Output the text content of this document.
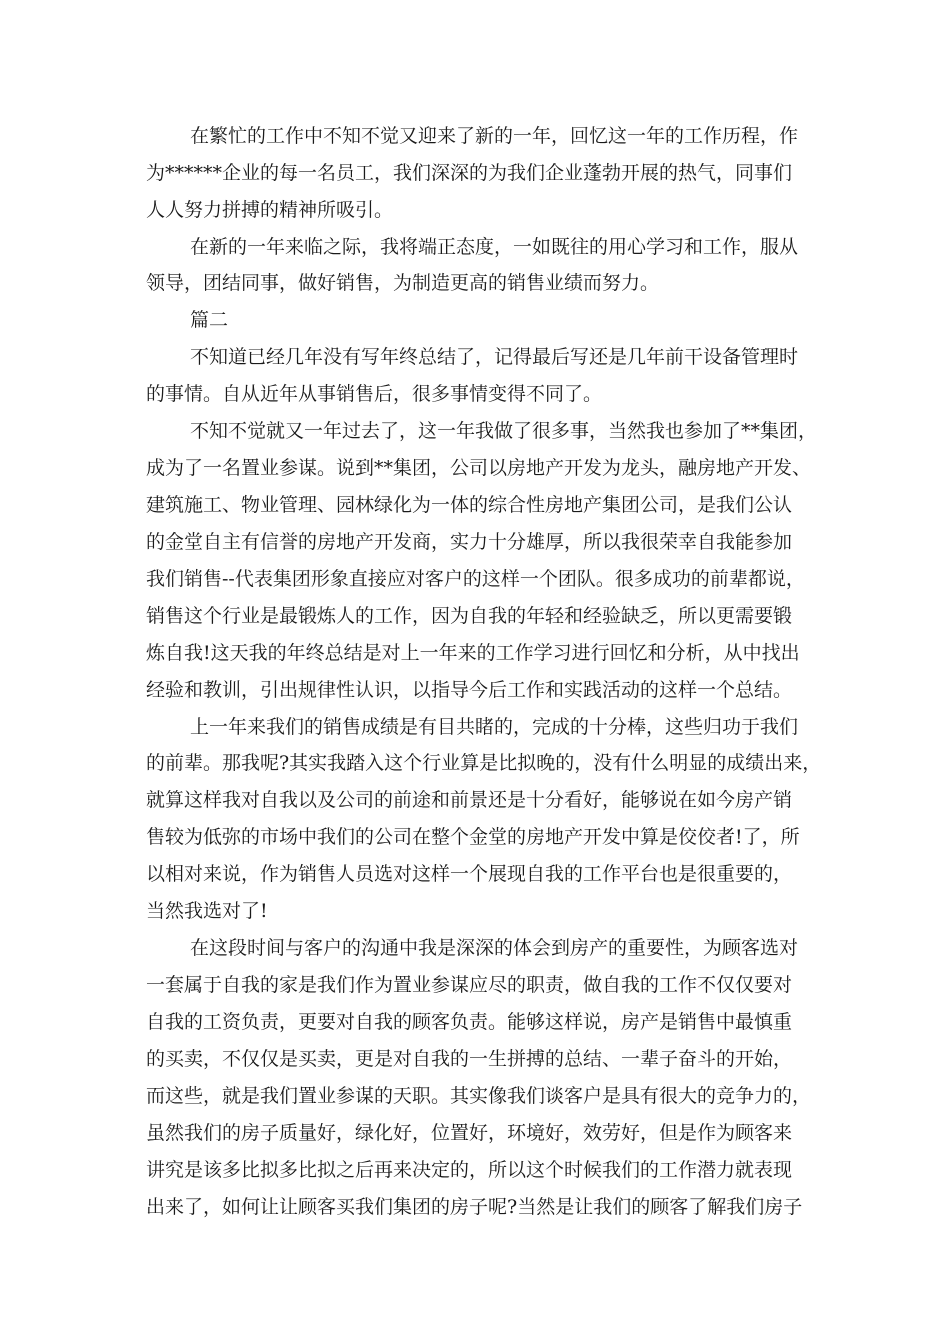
在繁忙的工作中不知不觉又迎来了新的一年，回忆这一年的工作历程，作
为******企业的每一名员工，我们深深的为我们企业蓬勃开展的热气，同事们
人人努力拼搏的精神所吸引。
在新的一年来临之际，我将端正态度，一如既往的用心学习和工作，服从
领导，团结同事，做好销售，为制造更高的销售业绩而努力。
篇二
不知道已经几年没有写年终总结了，记得最后写还是几年前干设备管理时
的事情。自从近年从事销售后，很多事情变得不同了。
不知不觉就又一年过去了，这一年我做了很多事，当然我也参加了**集团，
成为了一名置业参谋。说到**集团，公司以房地产开发为龙头，融房地产开发、
建筑施工、物业管理、园林绿化为一体的综合性房地产集团公司，是我们公认
的金堂自主有信誉的房地产开发商，实力十分雄厚，所以我很荣幸自我能参加
我们销售--代表集团形象直接应对客户的这样一个团队。很多成功的前辈都说，
销售这个行业是最锻炼人的工作，因为自我的年轻和经验缺乏，所以更需要锻
炼自我!这天我的年终总结是对上一年来的工作学习进行回忆和分析，从中找出
经验和教训，引出规律性认识，以指导今后工作和实践活动的这样一个总结。
上一年来我们的销售成绩是有目共睹的，完成的十分棒，这些归功于我们
的前辈。那我呢?其实我踏入这个行业算是比拟晚的，没有什么明显的成绩出来，
就算这样我对自我以及公司的前途和前景还是十分看好，能够说在如今房产销
售较为低弥的市场中我们的公司在整个金堂的房地产开发中算是佼佼者!了，所
以相对来说，作为销售人员选对这样一个展现自我的工作平台也是很重要的，
当然我选对了!
在这段时间与客户的沟通中我是深深的体会到房产的重要性，为顾客选对
一套属于自我的家是我们作为置业参谋应尽的职责，做自我的工作不仅仅要对
自我的工资负责，更要对自我的顾客负责。能够这样说，房产是销售中最慎重
的买卖，不仅仅是买卖，更是对自我的一生拼搏的总结、一辈子奋斗的开始，
而这些，就是我们置业参谋的天职。其实像我们谈客户是具有很大的竞争力的，
虽然我们的房子质量好，绿化好，位置好，环境好，效劳好，但是作为顾客来
讲究是该多比拟多比拟之后再来决定的，所以这个时候我们的工作潜力就表现
出来了，如何让让顾客买我们集团的房子呢?当然是让我们的顾客了解我们房子
